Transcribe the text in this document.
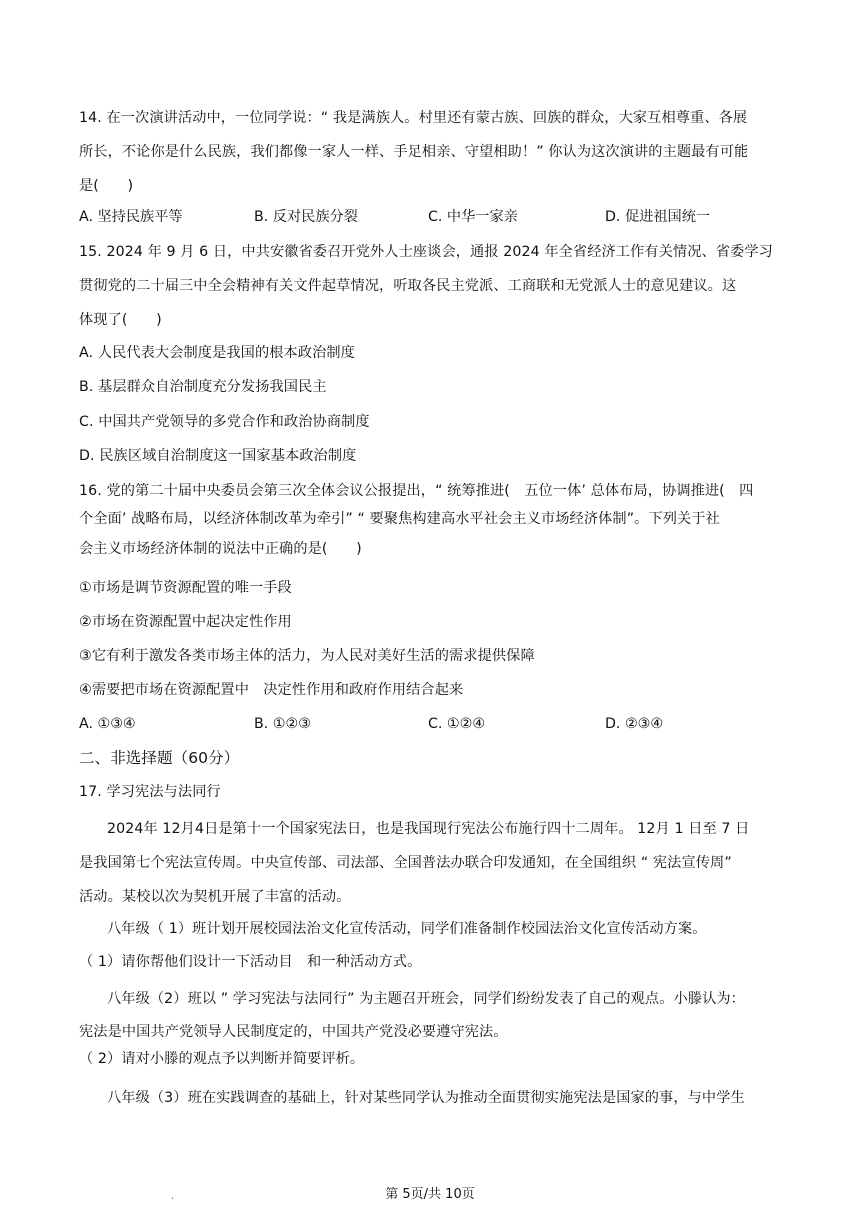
14. 在一次演讲活动中，一位同学说：“ 我是满族人。村里还有蒙古族、回族的群众，大家互相尊重、各展
所长，不论你是什么民族，我们都像一家人一样、手足相亲、守望相助！” 你认为这次演讲的主题最有可能
是(　　)
A. 坚持民族平等	B. 反对民族分裂	C. 中华一家亲	D. 促进祖国统一
15. 2024 年 9 月 6 日，中共安徽省委召开党外人士座谈会，通报 2024 年全省经济工作有关情况、省委学习
贯彻党的二十届三中全会精神有关文件起草情况，听取各民主党派、工商联和无党派人士的意见建议。这
体现了(　　)
A. 人民代表大会制度是我国的根本政治制度
B. 基层群众自治制度充分发扬我国民主
C. 中国共产党领导的多党合作和政治协商制度
D. 民族区域自治制度这一国家基本政治制度
16. 党的第二十届中央委员会第三次全体会议公报提出，“ 统筹推进(　五位一体’ 总体布局，协调推进(　四
个全面’ 战略布局，以经济体制改革为牵引” “ 要聚焦构建高水平社会主义市场经济体制”。下列关于社
会主义市场经济体制的说法中正确的是(　　)
①市场是调节资源配置的唯一手段
②市场在资源配置中起决定性作用
③它有利于激发各类市场主体的活力，为人民对美好生活的需求提供保障
④需要把市场在资源配置中　决定性作用和政府作用结合起来
A. ①③④	B. ①②③	C. ①②④	D. ②③④
二、非选择题（60分）
17. 学习宪法与法同行
2024年 12月4日是第十一个国家宪法日，也是我国现行宪法公布施行四十二周年。 12月 1 日至 7 日
是我国第七个宪法宣传周。中央宣传部、司法部、全国普法办联合印发通知，在全国组织 “ 宪法宣传周”
活动。某校以次为契机开展了丰富的活动。
八年级（ 1）班计划开展校园法治文化宣传活动，同学们准备制作校园法治文化宣传活动方案。
（ 1）请你帮他们设计一下活动目　和一种活动方式。
八年级（2）班以 ” 学习宪法与法同行” 为主题召开班会，同学们纷纷发表了自己的观点。小滕认为：
宪法是中国共产党领导人民制度定的，中国共产党没必要遵守宪法。
（ 2）请对小滕的观点予以判断并简要评析。
八年级（3）班在实践调查的基础上，针对某些同学认为推动全面贯彻实施宪法是国家的事，与中学生
.	第 5页/共 10页
